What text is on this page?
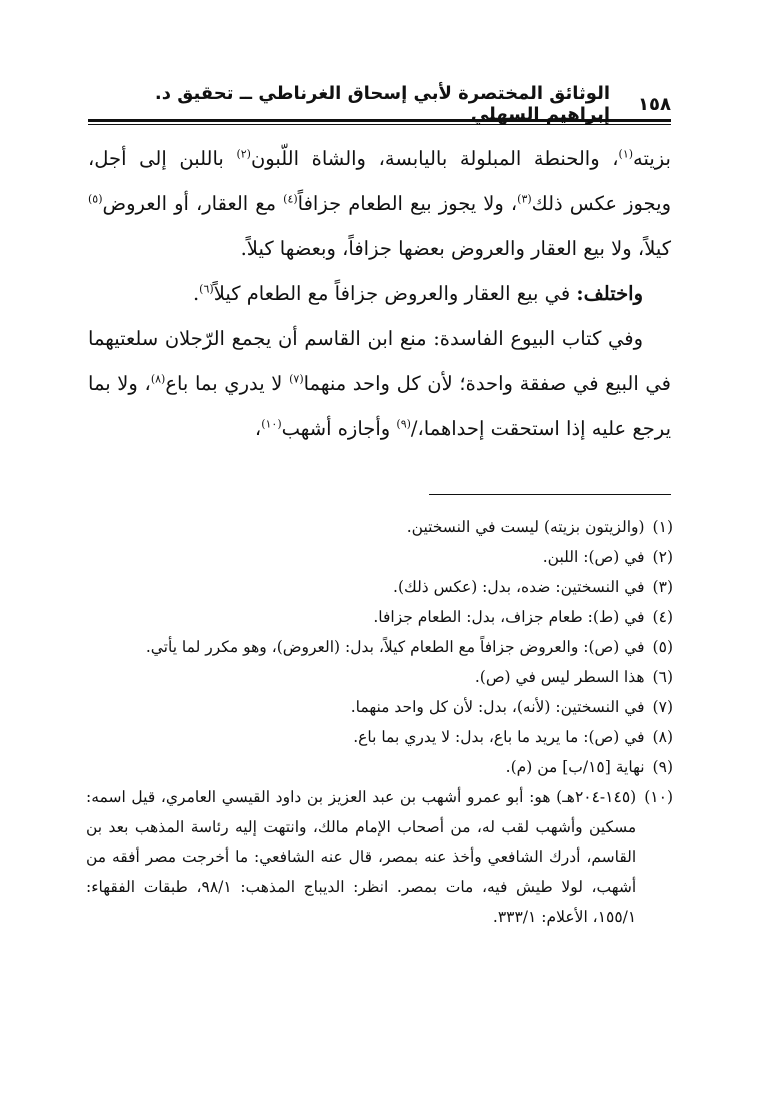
١٥٨
الوثائق المختصرة لأبي إسحاق الغرناطي ــ تحقيق د. إبراهيم السهلي

بزيته$^{(١)}$، والحنطة المبلولة باليابسة، والشاة اللّبون$^{(٢)}$ باللبن إلى أجل، ويجوز عكس ذلك$^{(٣)}$، ولا يجوز بيع الطعام جزافاً$^{(٤)}$ مع العقار، أو العروض$^{(٥)}$ كيلاً، ولا بيع العقار والعروض بعضها جزافاً، وبعضها كيلاً.

واختلف: في بيع العقار والعروض جزافاً مع الطعام كيلاً$^{(٦)}$.

وفي كتاب البيوع الفاسدة: منع ابن القاسم أن يجمع الرّجلان سلعتيهما في البيع في صفقة واحدة؛ لأن كل واحد منهما$^{(٧)}$ لا يدري بما باع$^{(٨)}$، ولا بما يرجع عليه إذا استحقت إحداهما،/$^{(٩)}$ وأجازه أشهب$^{(١٠)}$،

(١)
(والزيتون بزيته) ليست في النسختين.
(٢)
في (ص): اللبن.
(٣)
في النسختين: ضده، بدل: (عكس ذلك).
(٤)
في (ط): طعام جزاف، بدل: الطعام جزافا.
(٥)
في (ص): والعروض جزافاً مع الطعام كيلاً، بدل: (العروض)، وهو مكرر لما يأتي.
(٦)
هذا السطر ليس في (ص).
(٧)
في النسختين: (لأنه)، بدل: لأن كل واحد منهما.
(٨)
في (ص): ما يريد ما باع، بدل: لا يدري بما باع.
(٩)
نهاية [١٥/ب] من (م).
(١٠)
(١٤٥-٢٠٤هـ) هو: أبو عمرو أشهب بن عبد العزيز بن داود القيسي العامري، قيل اسمه: مسكين وأشهب لقب له، من أصحاب الإمام مالك، وانتهت إليه رئاسة المذهب بعد بن القاسم، أدرك الشافعي وأخذ عنه بمصر، قال عنه الشافعي: ما أخرجت مصر أفقه من أشهب، لولا طيش فيه، مات بمصر. انظر: الديباج المذهب: ٩٨/١، طبقات الفقهاء: ١٥٥/١، الأعلام: ٣٣٣/١.
